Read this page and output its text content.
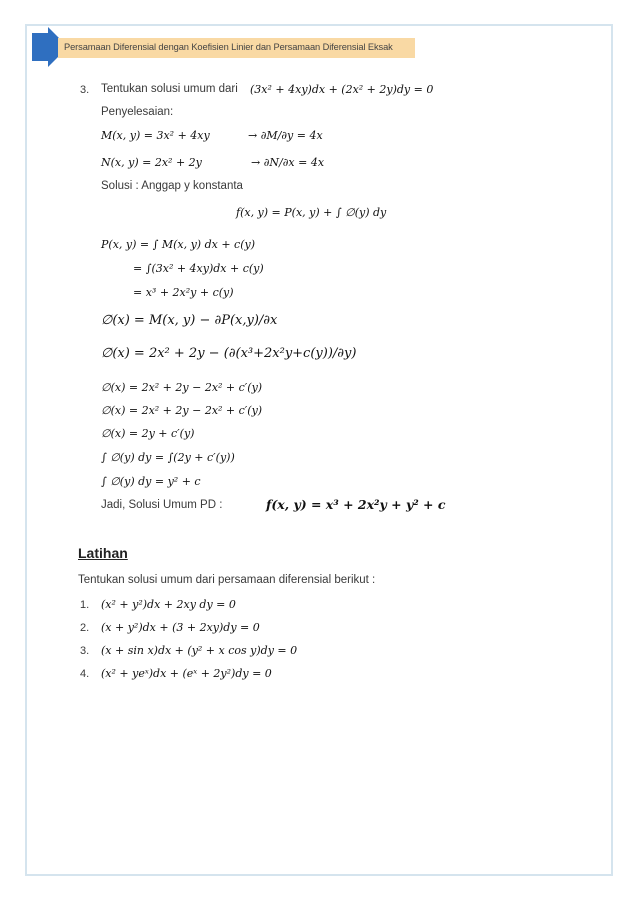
Persamaan Diferensial dengan Koefisien Linier dan Persamaan Diferensial Eksak
3. Tentukan solusi umum dari (3x² + 4xy)dx + (2x² + 2y)dy = 0
Penyelesaian:
M(x, y) = 3x² + 4xy	→ ∂M/∂y = 4x
N(x, y) = 2x² + 2y	→ ∂N/∂x = 4x
Solusi : Anggap y konstanta
f(x, y) = P(x, y) + ∫ ∅(y) dy
P(x, y) = ∫ M(x, y) dx + c(y)
= ∫(3x² + 4xy)dx + c(y)
= x³ + 2x²y + c(y)
∅(x) = M(x, y) − ∂P(x,y)/∂x
∅(x) = 2x² + 2y − (∂(x³+2x²y+c(y))/∂y)
∅(x) = 2x² + 2y − 2x² + c′(y)
∅(x) = 2x² + 2y − 2x² + c′(y)
∅(x) = 2y + c′(y)
∫ ∅(y) dy = ∫(2y + c′(y))
∫ ∅(y) dy = y² + c
Jadi, Solusi Umum PD :	f(x, y) = x³ + 2x²y + y² + c
Latihan
Tentukan solusi umum dari persamaan diferensial berikut :
1. (x² + y²)dx + 2xy dy = 0
2. (x + y²)dx + (3 + 2xy)dy = 0
3. (x + sin x)dx + (y² + x cos y)dy = 0
4. (x² + yeˣ)dx + (eˣ + 2y²)dy = 0
